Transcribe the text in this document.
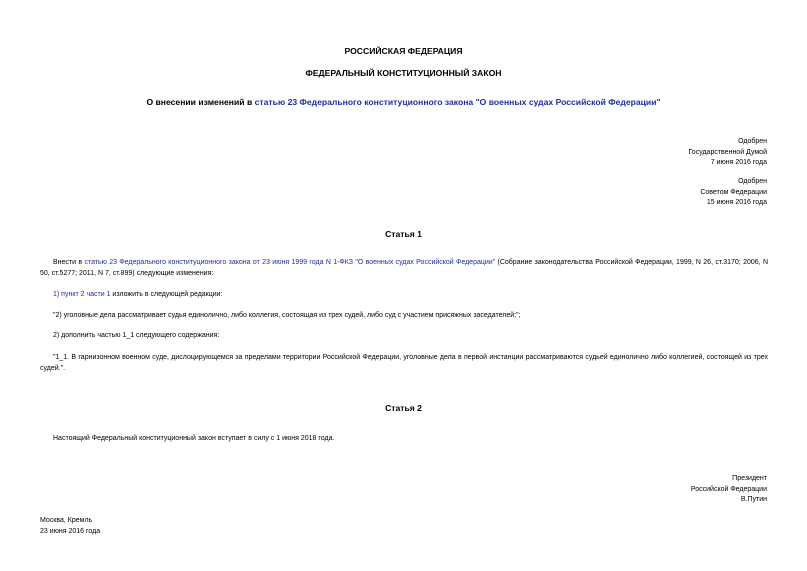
РОССИЙСКАЯ ФЕДЕРАЦИЯ
ФЕДЕРАЛЬНЫЙ КОНСТИТУЦИОННЫЙ ЗАКОН
О внесении изменений в статью 23 Федерального конституционного закона "О военных судах Российской Федерации"
Одобрен
Государственной Думой
7 июня 2016 года
Одобрен
Советом Федерации
15 июня 2016 года
Статья 1
Внести в статью 23 Федерального конституционного закона от 23 июня 1999 года N 1-ФКЗ "О военных судах Российской Федерации" (Собрание законодательства Российской Федерации, 1999, N 26, ст.3170; 2006, N 50, ст.5277; 2011, N 7, ст.899) следующие изменения:
1) пункт 2 части 1 изложить в следующей редакции:
"2) уголовные дела рассматривает судья единолично, либо коллегия, состоящая из трех судей, либо суд с участием присяжных заседателей;";
2) дополнить частью 1_1 следующего содержания:
"1_1. В гарнизонном военном суде, дислоцирующемся за пределами территории Российской Федерации, уголовные дела в первой инстанции рассматриваются судьей единолично либо коллегией, состоящей из трех судей.".
Статья 2
Настоящий Федеральный конституционный закон вступает в силу с 1 июня 2018 года.
Президент
Российской Федерации
В.Путин
Москва, Кремль
23 июня 2016 года
